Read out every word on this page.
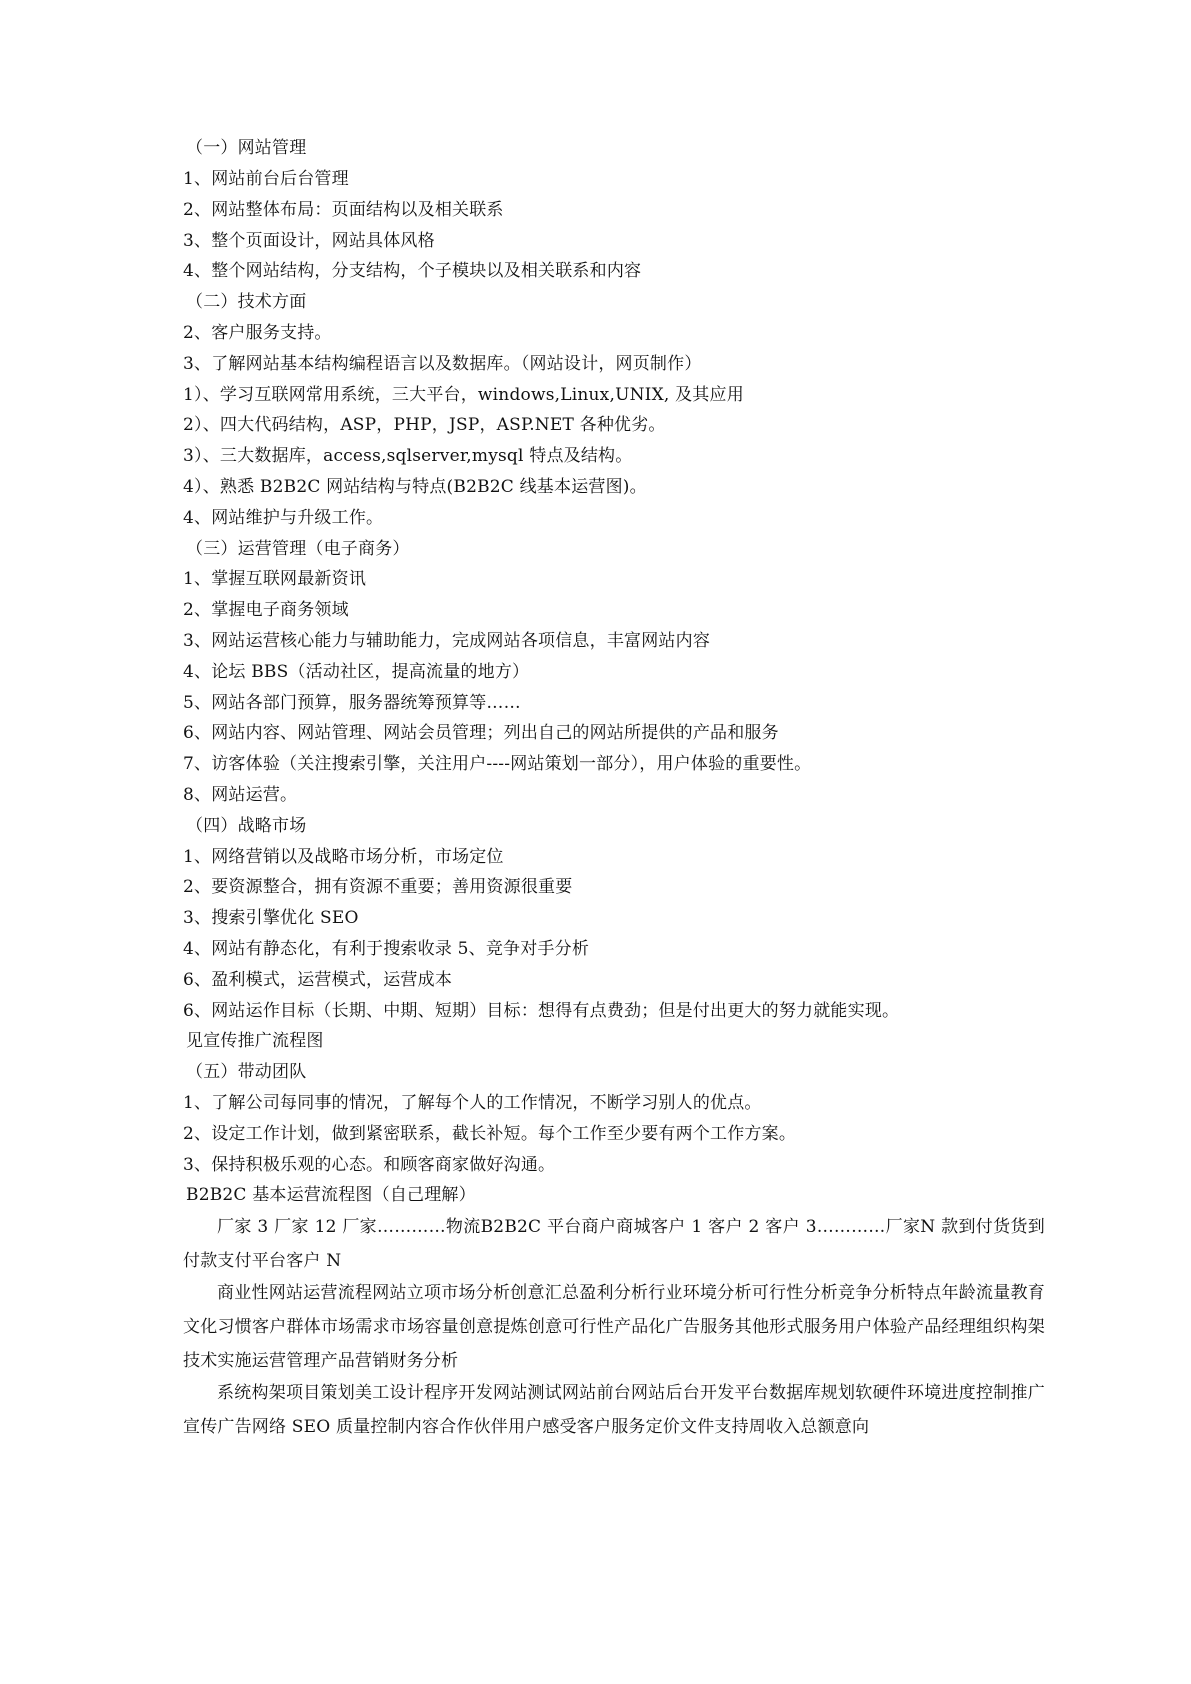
（一）网站管理
1、网站前台后台管理
2、网站整体布局：页面结构以及相关联系
3、整个页面设计，网站具体风格
4、整个网站结构，分支结构，个子模块以及相关联系和内容
（二）技术方面
2、客户服务支持。
3、了解网站基本结构编程语言以及数据库。（网站设计，网页制作）
1）、学习互联网常用系统，三大平台，windows,Linux,UNIX, 及其应用
2）、四大代码结构，ASP，PHP，JSP，ASP.NET 各种优劣。
3）、三大数据库，access,sqlserver,mysql 特点及结构。
4）、熟悉 B2B2C 网站结构与特点(B2B2C 线基本运营图)。
4、网站维护与升级工作。
（三）运营管理（电子商务）
1、掌握互联网最新资讯
2、掌握电子商务领域
3、网站运营核心能力与辅助能力，完成网站各项信息，丰富网站内容
4、论坛 BBS（活动社区，提高流量的地方）
5、网站各部门预算，服务器统筹预算等……
6、网站内容、网站管理、网站会员管理；列出自己的网站所提供的产品和服务
7、访客体验（关注搜索引擎，关注用户----网站策划一部分），用户体验的重要性。
8、网站运营。
（四）战略市场
1、网络营销以及战略市场分析，市场定位
2、要资源整合，拥有资源不重要；善用资源很重要
3、搜索引擎优化 SEO
4、网站有静态化，有利于搜索收录 5、竞争对手分析
6、盈利模式，运营模式，运营成本
6、网站运作目标（长期、中期、短期）目标：想得有点费劲；但是付出更大的努力就能实现。
见宣传推广流程图
（五）带动团队
1、了解公司每同事的情况，了解每个人的工作情况，不断学习别人的优点。
2、设定工作计划，做到紧密联系，截长补短。每个工作至少要有两个工作方案。
3、保持积极乐观的心态。和顾客商家做好沟通。
B2B2C 基本运营流程图（自己理解）
厂家 3 厂家 12 厂家…………物流B2B2C 平台商户商城客户 1 客户 2 客户 3…………厂家N 款到付货货到付款支付平台客户 N
商业性网站运营流程网站立项市场分析创意汇总盈利分析行业环境分析可行性分析竞争分析特点年龄流量教育文化习惯客户群体市场需求市场容量创意提炼创意可行性产品化广告服务其他形式服务用户体验产品经理组织构架技术实施运营管理产品营销财务分析
系统构架项目策划美工设计程序开发网站测试网站前台网站后台开发平台数据库规划软硬件环境进度控制推广宣传广告网络 SEO 质量控制内容合作伙伴用户感受客户服务定价文件支持周收入总额意向
